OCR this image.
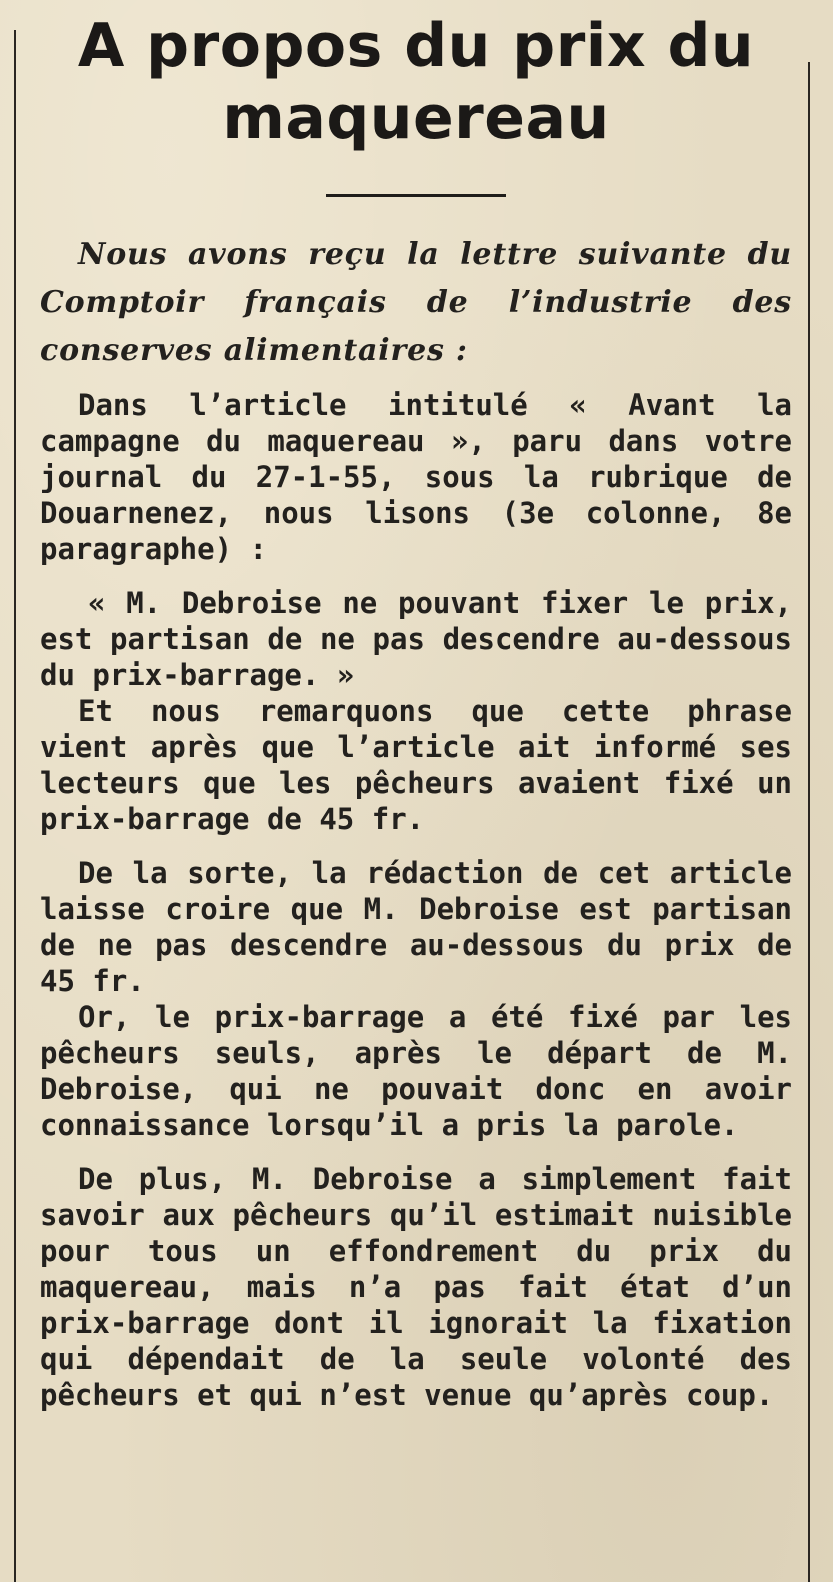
A propos du prix du maquereau

Nous avons reçu la lettre suivante du Comptoir français de l’industrie des conserves alimentaires :

Dans l’article intitulé « Avant la campagne du maquereau », paru dans votre journal du 27-1-55, sous la rubrique de Douarnenez, nous lisons (3e colonne, 8e paragraphe) :

« M. Debroise ne pouvant fixer le prix, est partisan de ne pas descendre au-dessous du prix-barrage. »

Et nous remarquons que cette phrase vient après que l’article ait informé ses lecteurs que les pêcheurs avaient fixé un prix-barrage de 45 fr.

De la sorte, la rédaction de cet article laisse croire que M. Debroise est partisan de ne pas descendre au-dessous du prix de 45 fr.

Or, le prix-barrage a été fixé par les pêcheurs seuls, après le départ de M. Debroise, qui ne pouvait donc en avoir connaissance lorsqu’il a pris la parole.

De plus, M. Debroise a simplement fait savoir aux pêcheurs qu’il estimait nuisible pour tous un effondrement du prix du maquereau, mais n’a pas fait état d’un prix-barrage dont il ignorait la fixation qui dépendait de la seule volonté des pêcheurs et qui n’est venue qu’après coup.
